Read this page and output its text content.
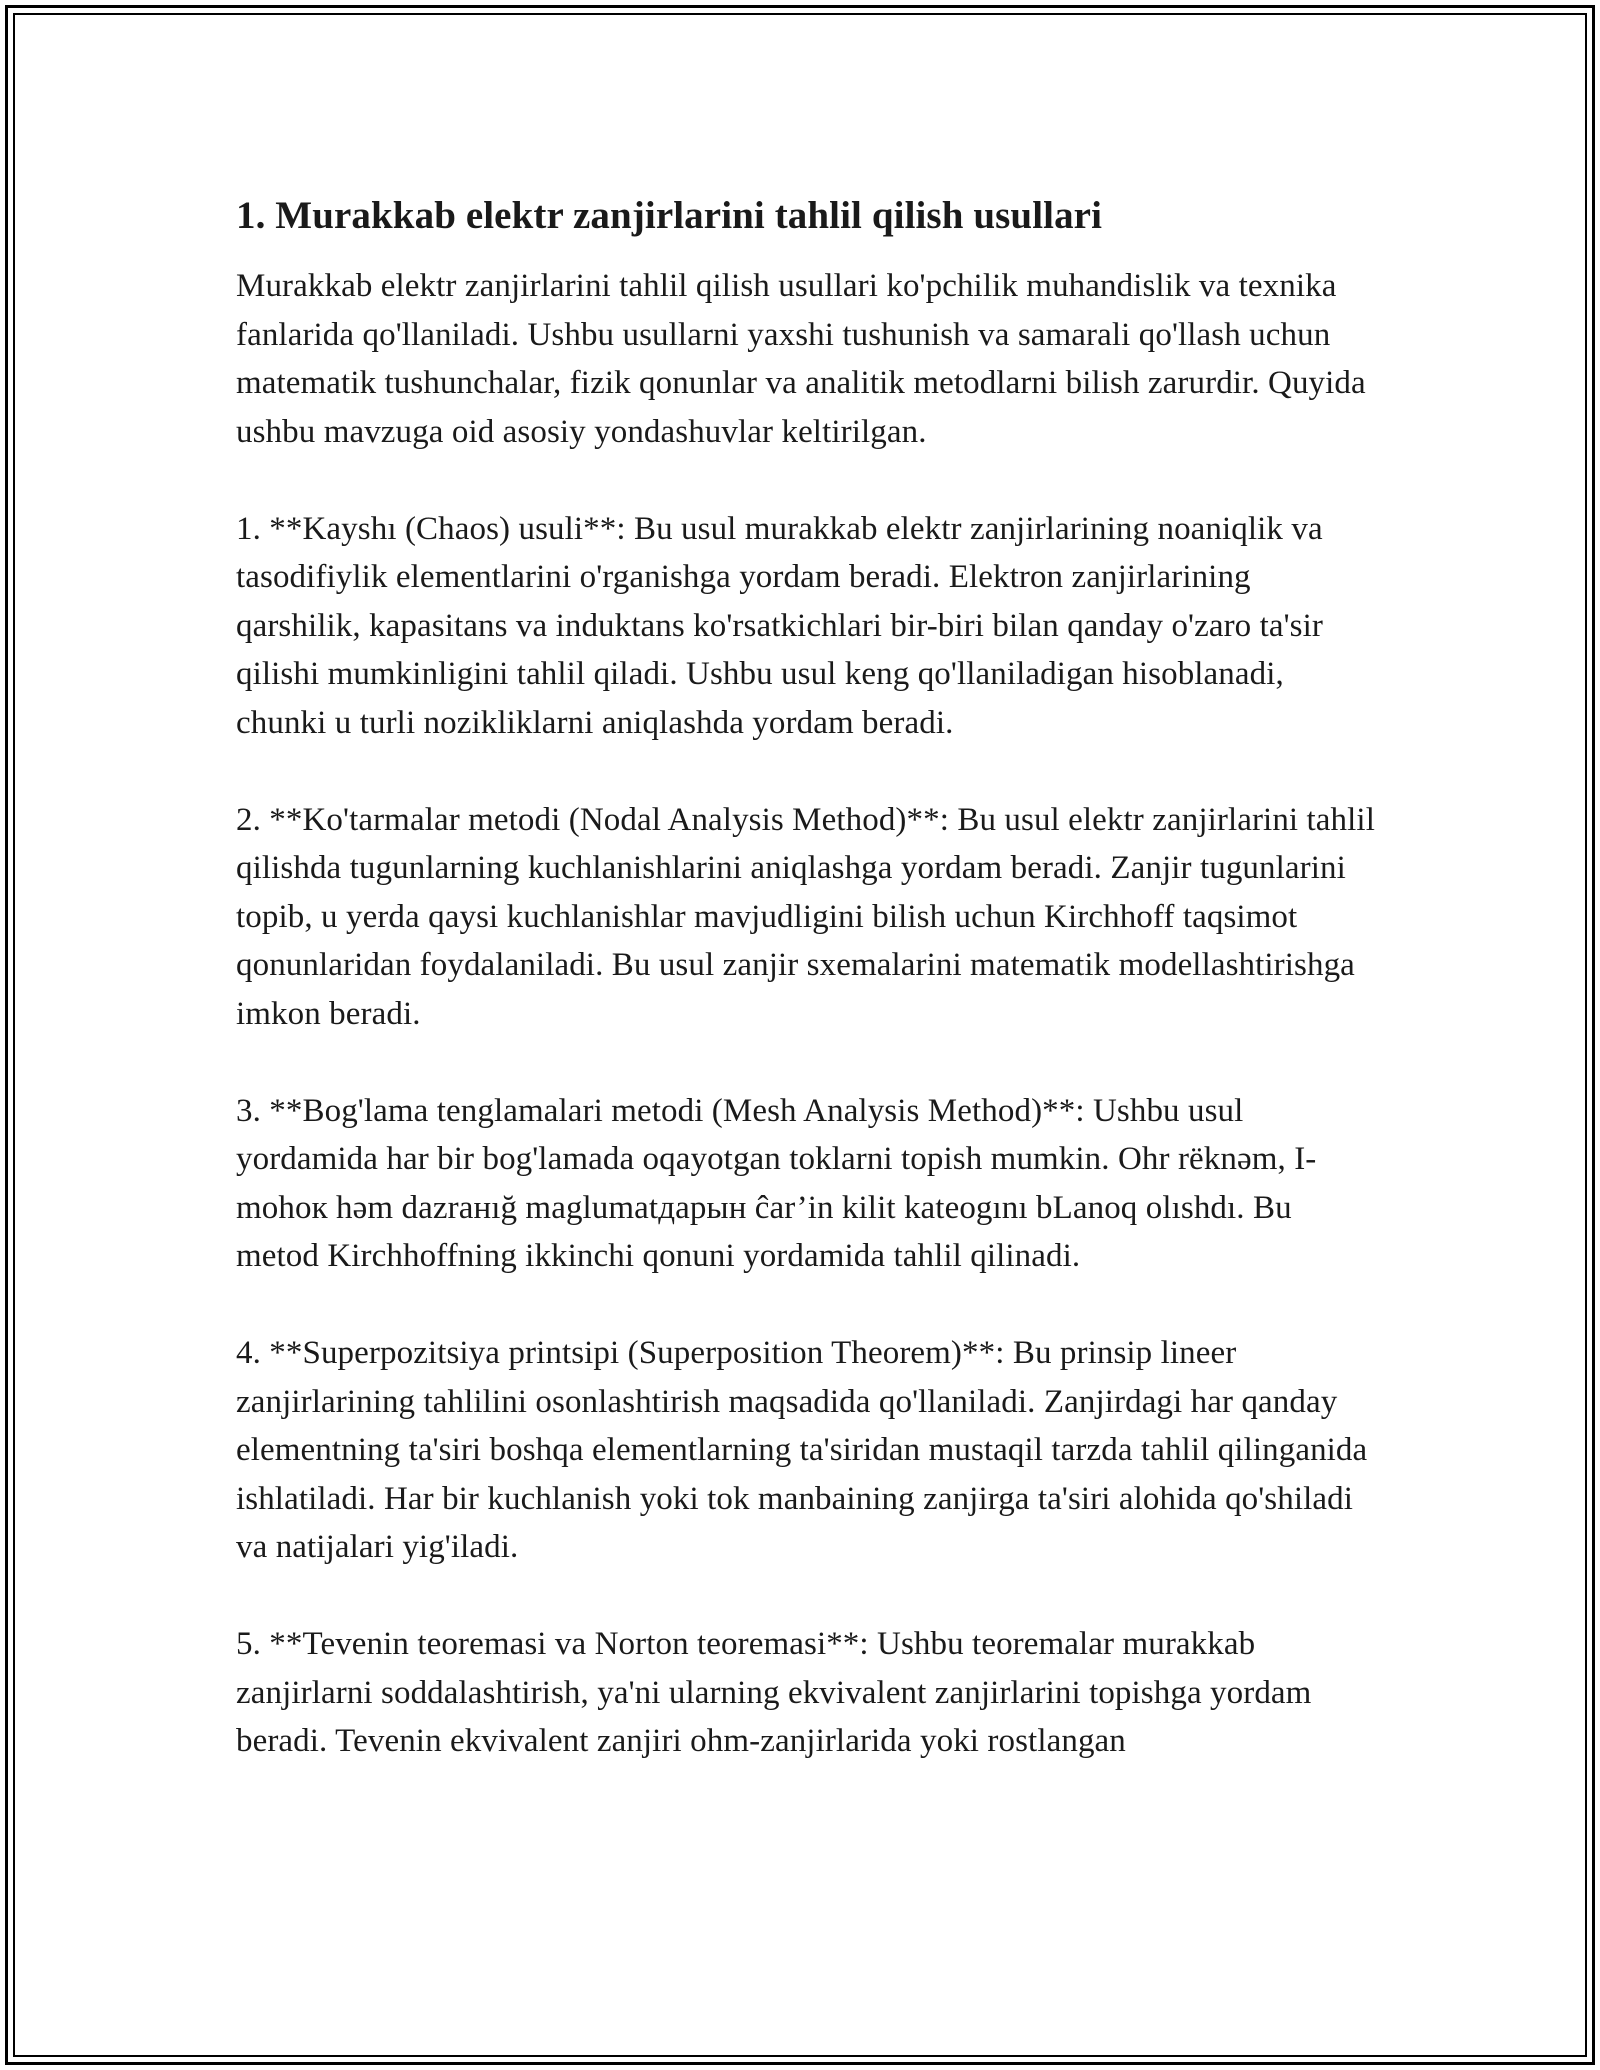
1. Murakkab elektr zanjirlarini tahlil qilish usullari

Murakkab elektr zanjirlarini tahlil qilish usullari ko'pchilik muhandislik va texnika fanlarida qo'llaniladi. Ushbu usullarni yaxshi tushunish va samarali qo'llash uchun matematik tushunchalar, fizik qonunlar va analitik metodlarni bilish zarurdir. Quyida ushbu mavzuga oid asosiy yondashuvlar keltirilgan.

1. **Kayshı (Chaos) usuli**: Bu usul murakkab elektr zanjirlarining noaniqlik va tasodifiylik elementlarini o'rganishga yordam beradi. Elektron zanjirlarining qarshilik, kapasitans va induktans ko'rsatkichlari bir-biri bilan qanday o'zaro ta'sir qilishi mumkinligini tahlil qiladi. Ushbu usul keng qo'llaniladigan hisoblanadi, chunki u turli nozikliklarni aniqlashda yordam beradi.

2. **Ko'tarmalar metodi (Nodal Analysis Method)**: Bu usul elektr zanjirlarini tahlil qilishda tugunlarning kuchlanishlarini aniqlashga yordam beradi. Zanjir tugunlarini topib, u yerda qaysi kuchlanishlar mavjudligini bilish uchun Kirchhoff taqsimot qonunlaridan foydalaniladi. Bu usul zanjir sxemalarini matematik modellashtirishga imkon beradi.

3. **Bog'lama tenglamalari metodi (Mesh Analysis Method)**: Ushbu usul yordamida har bir bog'lamada oqayotgan toklarni topish mumkin. Ohr rëknəm, I-mohoк həm dazraнığ maglumatдарын ĉar’in kilit kateogını bLanoq olıshdı. Bu metod Kirchhoffning ikkinchi qonuni yordamida tahlil qilinadi.

4. **Superpozitsiya printsipi (Superposition Theorem)**: Bu prinsip lineer zanjirlarining tahlilini osonlashtirish maqsadida qo'llaniladi. Zanjirdagi har qanday elementning ta'siri boshqa elementlarning ta'siridan mustaqil tarzda tahlil qilinganida ishlatiladi. Har bir kuchlanish yoki tok manbaining zanjirga ta'siri alohida qo'shiladi va natijalari yig'iladi.

5. **Tevenin teoremasi va Norton teoremasi**: Ushbu teoremalar murakkab zanjirlarni soddalashtirish, ya'ni ularning ekvivalent zanjirlarini topishga yordam beradi. Tevenin ekvivalent zanjiri ohm-zanjirlarida yoki rostlangan
